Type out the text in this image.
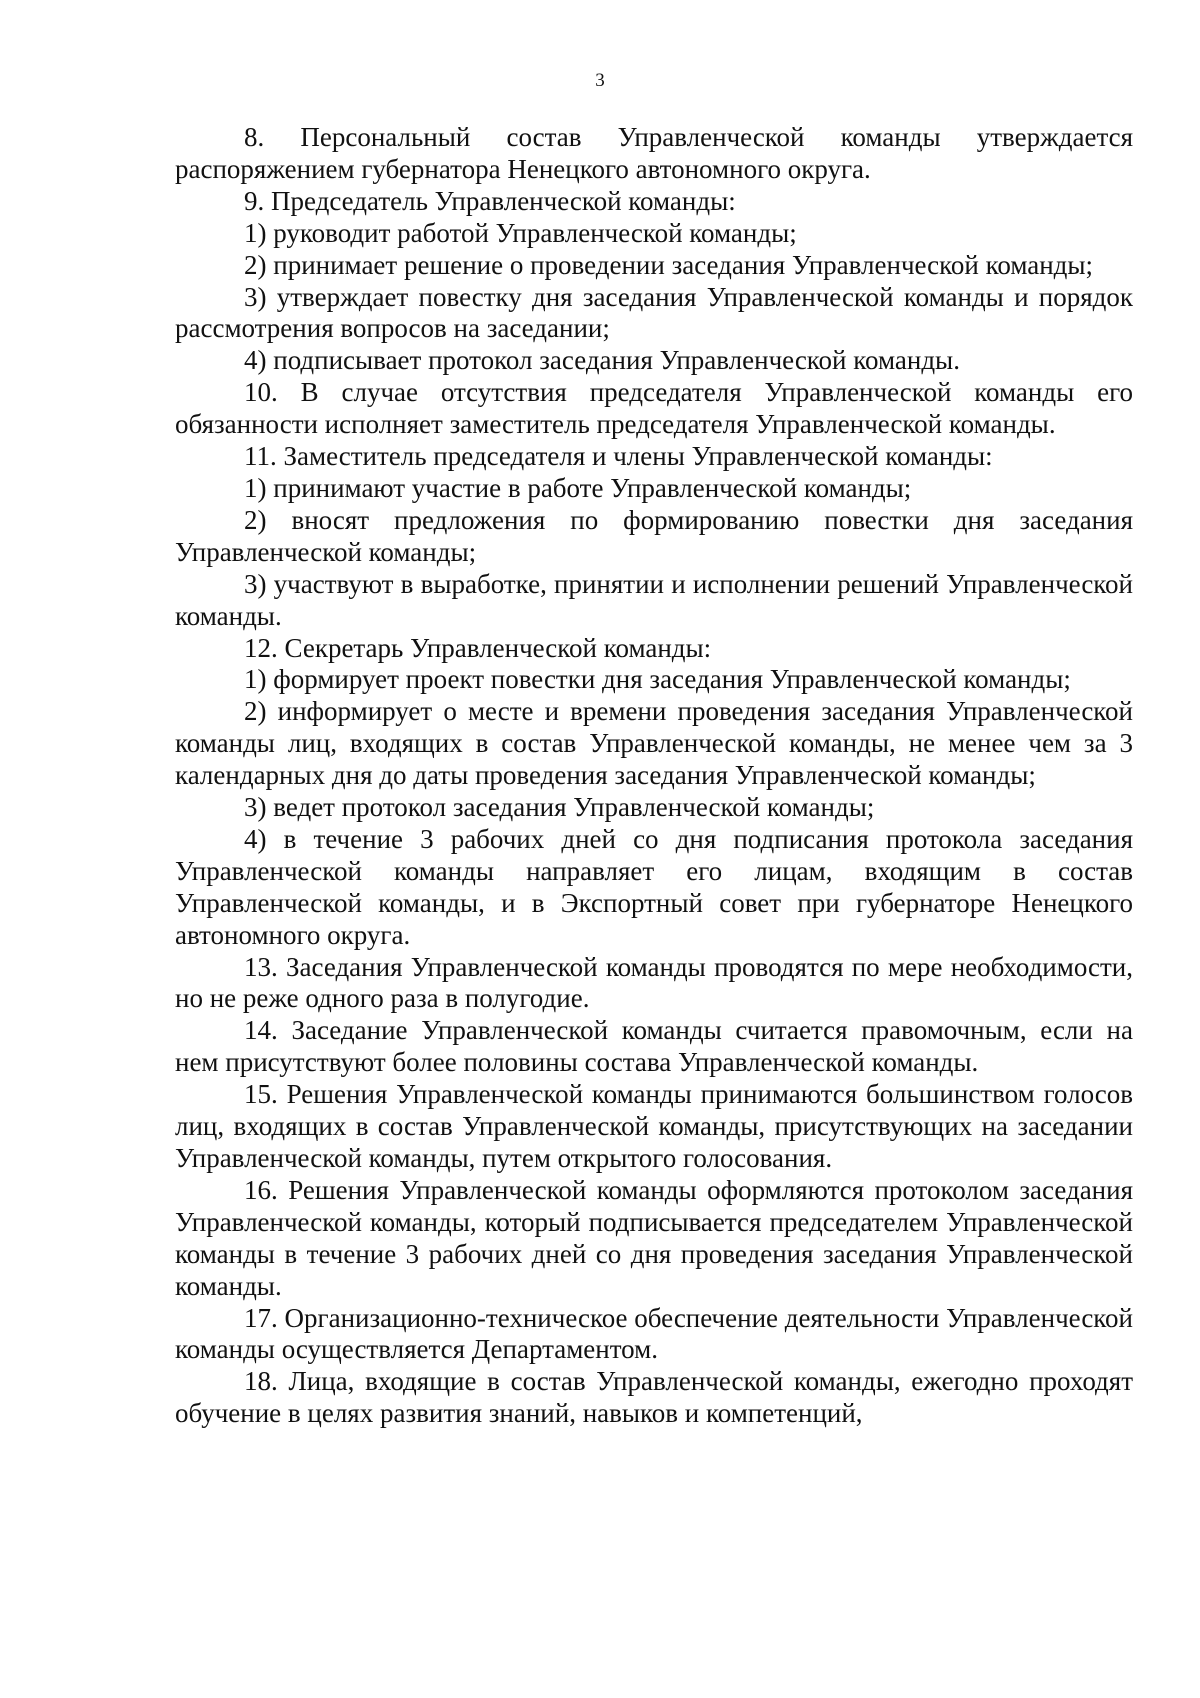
3

8. Персональный состав Управленческой команды утверждается распоряжением губернатора Ненецкого автономного округа.

9. Председатель Управленческой команды:

1) руководит работой Управленческой команды;

2) принимает решение о проведении заседания Управленческой команды;

3) утверждает повестку дня заседания Управленческой команды и порядок рассмотрения вопросов на заседании;

4) подписывает протокол заседания Управленческой команды.

10. В случае отсутствия председателя Управленческой команды его обязанности исполняет заместитель председателя Управленческой команды.

11. Заместитель председателя и члены Управленческой команды:

1) принимают участие в работе Управленческой команды;

2) вносят предложения по формированию повестки дня заседания Управленческой команды;

3) участвуют в выработке, принятии и исполнении решений Управленческой команды.

12. Секретарь Управленческой команды:

1) формирует проект повестки дня заседания Управленческой команды;

2) информирует о месте и времени проведения заседания Управленческой команды лиц, входящих в состав Управленческой команды, не менее чем за 3 календарных дня до даты проведения заседания Управленческой команды;

3) ведет протокол заседания Управленческой команды;

4) в течение 3 рабочих дней со дня подписания протокола заседания Управленческой команды направляет его лицам, входящим в состав Управленческой команды, и в Экспортный совет при губернаторе Ненецкого автономного округа.

13. Заседания Управленческой команды проводятся по мере необходимости, но не реже одного раза в полугодие.

14. Заседание Управленческой команды считается правомочным, если на нем присутствуют более половины состава Управленческой команды.

15. Решения Управленческой команды принимаются большинством голосов лиц, входящих в состав Управленческой команды, присутствующих на заседании Управленческой команды, путем открытого голосования.

16. Решения Управленческой команды оформляются протоколом заседания Управленческой команды, который подписывается председателем Управленческой команды в течение 3 рабочих дней со дня проведения заседания Управленческой команды.

17. Организационно-техническое обеспечение деятельности Управленческой команды осуществляется Департаментом.

18. Лица, входящие в состав Управленческой команды, ежегодно проходят обучение в целях развития знаний, навыков и компетенций,
